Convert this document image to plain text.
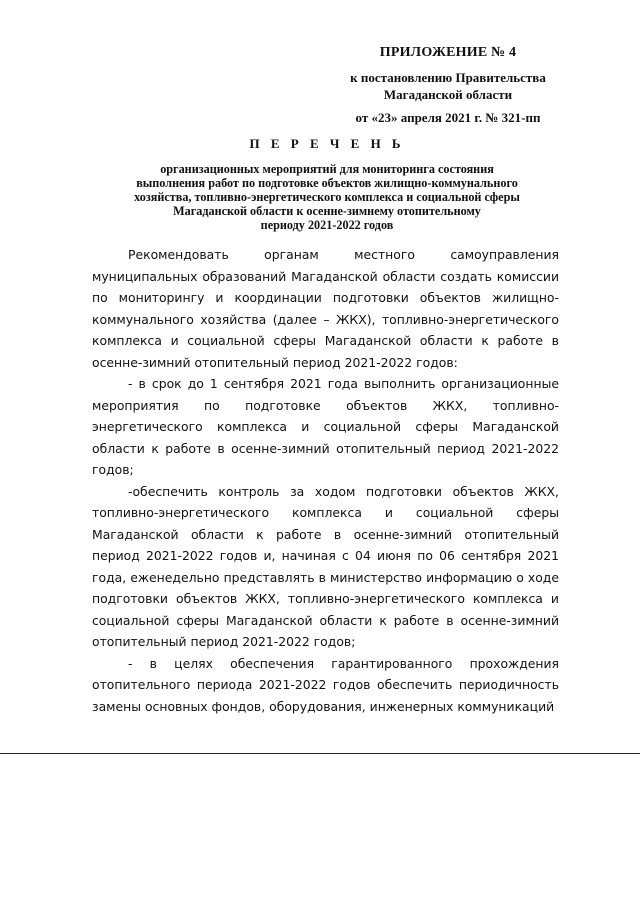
ПРИЛОЖЕНИЕ № 4
к постановлению Правительства
Магаданской области
от «23» апреля 2021 г. № 321-пп
П Е Р Е Ч Е Н Ь
организационных мероприятий для мониторинга состояния
выполнения работ по подготовке объектов жилищно-коммунального
хозяйства, топливно-энергетического комплекса и социальной сферы
Магаданской области к осенне-зимнему отопительному
периоду 2021-2022 годов

Рекомендовать органам местного самоуправления муниципальных образований Магаданской области создать комиссии по мониторингу и координации подготовки объектов жилищно-коммунального хозяйства (далее – ЖКХ), топливно-энергетического комплекса и социальной сферы Магаданской области к работе в осенне-зимний отопительный период 2021-2022 годов:

- в срок до 1 сентября 2021 года выполнить организационные мероприятия по подготовке объектов ЖКХ, топливно-энергетического комплекса и социальной сферы Магаданской области к работе в осенне-зимний отопительный период 2021-2022 годов;

-обеспечить контроль за ходом подготовки объектов ЖКХ, топливно-энергетического комплекса и социальной сферы Магаданской области к работе в осенне-зимний отопительный период 2021-2022 годов и, начиная с 04 июня по 06 сентября 2021 года, еженедельно представлять в министерство информацию о ходе подготовки объектов ЖКХ, топливно-энергетического комплекса и социальной сферы Магаданской области к работе в осенне-зимний отопительный период 2021-2022 годов;

- в целях обеспечения гарантированного прохождения отопительного периода 2021-2022 годов обеспечить периодичность замены основных фондов, оборудования, инженерных коммуникаций
